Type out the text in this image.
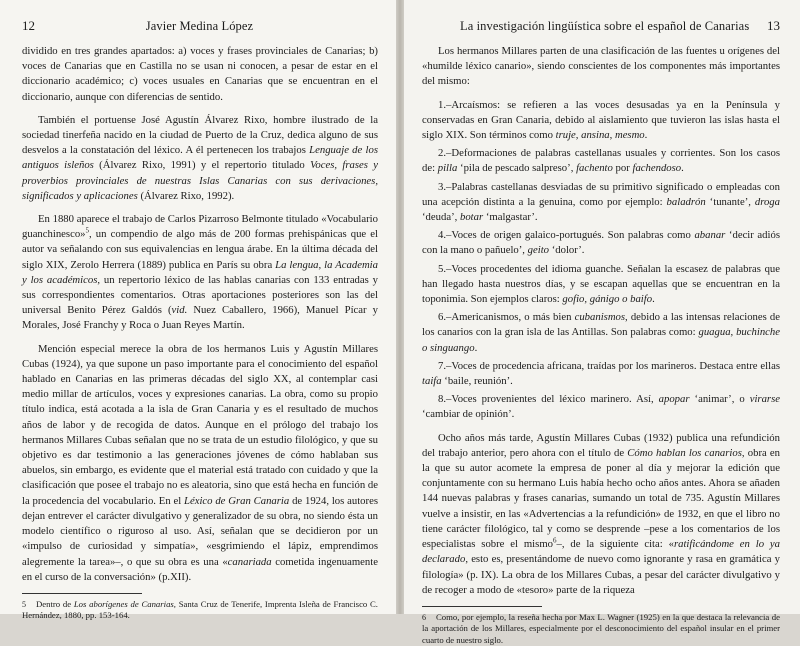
12	Javier Medina López

dividido en tres grandes apartados: a) voces y frases provinciales de Canarias; b) voces de Canarias que en Castilla no se usan ni conocen, a pesar de estar en el diccionario académico; c) voces usuales en Canarias que se encuentran en el diccionario, aunque con diferencias de sentido.

También el portuense José Agustín Álvarez Rixo, hombre ilustrado de la sociedad tinerfeña nacido en la ciudad de Puerto de la Cruz, dedica alguno de sus desvelos a la constatación del léxico. A él pertenecen los trabajos Lenguaje de los antiguos isleños (Álvarez Rixo, 1991) y el repertorio titulado Voces, frases y proverbios provinciales de nuestras Islas Canarias con sus derivaciones, significados y aplicaciones (Álvarez Rixo, 1992).

En 1880 aparece el trabajo de Carlos Pizarroso Belmonte titulado «Vocabulario guanchinesco»$^5$, un compendio de algo más de 200 formas prehispánicas que el autor va señalando con sus equivalencias en lengua árabe. En la última década del siglo XIX, Zerolo Herrera (1889) publica en París su obra La lengua, la Academia y los académicos, un repertorio léxico de las hablas canarias con 133 entradas y sus correspondientes comentarios. Otras aportaciones posteriores son las del universal Benito Pérez Galdós (vid. Nuez Caballero, 1966), Manuel Pícar y Morales, José Franchy y Roca o Juan Reyes Martín.

Mención especial merece la obra de los hermanos Luis y Agustín Millares Cubas (1924), ya que supone un paso importante para el conocimiento del español hablado en Canarias en las primeras décadas del siglo XX, al contemplar casi medio millar de artículos, voces y expresiones canarias. La obra, como su propio título indica, está acotada a la isla de Gran Canaria y es el resultado de muchos años de labor y de recogida de datos. Aunque en el prólogo del trabajo los hermanos Millares Cubas señalan que no se trata de un estudio filológico, y que su objetivo es dar testimonio a las generaciones jóvenes de cómo hablaban sus abuelos, sin embargo, es evidente que el material está tratado con cuidado y que la clasificación que posee el trabajo no es aleatoria, sino que está hecha en función de la procedencia del vocabulario. En el Léxico de Gran Canaria de 1924, los autores dejan entrever el carácter divulgativo y generalizador de su obra, no siendo ésta un modelo científico o riguroso al uso. Así, señalan que se decidieron por un «impulso de curiosidad y simpatía», «esgrimiendo el lápiz, emprendimos alegremente la tarea»–, o que su obra es una «canariada cometida ingenuamente en el curso de la conversación» (p.XII).

5 Dentro de Los aborígenes de Canarias, Santa Cruz de Tenerife, Imprenta Isleña de Francisco C. Hernández, 1880, pp. 153-164.
La investigación lingüística sobre el español de Canarias	13

Los hermanos Millares parten de una clasificación de las fuentes u orígenes del «humilde léxico canario», siendo conscientes de los componentes más importantes del mismo:

1.–Arcaísmos: se refieren a las voces desusadas ya en la Península y conservadas en Gran Canaria, debido al aislamiento que tuvieron las islas hasta el siglo XIX. Son términos como truje, ansina, mesmo.

2.–Deformaciones de palabras castellanas usuales y corrientes. Son los casos de: pilla ‘pila de pescado salpreso’, fachento por fachendoso.

3.–Palabras castellanas desviadas de su primitivo significado o empleadas con una acepción distinta a la genuina, como por ejemplo: baladrón ‘tunante’, droga ‘deuda’, botar ‘malgastar’.

4.–Voces de origen galaico-portugués. Son palabras como abanar ‘decir adiós con la mano o pañuelo’, geito ‘dolor’.

5.–Voces procedentes del idioma guanche. Señalan la escasez de palabras que han llegado hasta nuestros días, y se escapan aquellas que se encuentran en la toponimia. Son ejemplos claros: gofio, gánigo o baifo.

6.–Americanismos, o más bien cubanismos, debido a las intensas relaciones de los canarios con la gran isla de las Antillas. Son palabras como: guagua, buchinche o singuango.

7.–Voces de procedencia africana, traídas por los marineros. Destaca entre ellas taifa ‘baile, reunión’.

8.–Voces provenientes del léxico marinero. Así, apopar ‘animar’, o virarse ‘cambiar de opinión’.

Ocho años más tarde, Agustín Millares Cubas (1932) publica una refundición del trabajo anterior, pero ahora con el título de Cómo hablan los canarios, obra en la que su autor acomete la empresa de poner al día y mejorar la edición que conjuntamente con su hermano Luis había hecho ocho años antes. Ahora se añaden 144 nuevas palabras y frases canarias, sumando un total de 735. Agustín Millares vuelve a insistir, en las «Advertencias a la refundición» de 1932, en que el libro no tiene carácter filológico, tal y como se desprende –pese a los comentarios de los especialistas sobre el mismo$^6$–, de la siguiente cita: «ratificándome en lo ya declarado, esto es, presentándome de nuevo como ignorante y rasa en gramática y filología» (p. IX). La obra de los Millares Cubas, a pesar del carácter divulgativo y de recoger a modo de «tesoro» parte de la riqueza

6 Como, por ejemplo, la reseña hecha por Max L. Wagner (1925) en la que destaca la relevancia de la aportación de los Millares, especialmente por el desconocimiento del español insular en el primer cuarto de nuestro siglo.
